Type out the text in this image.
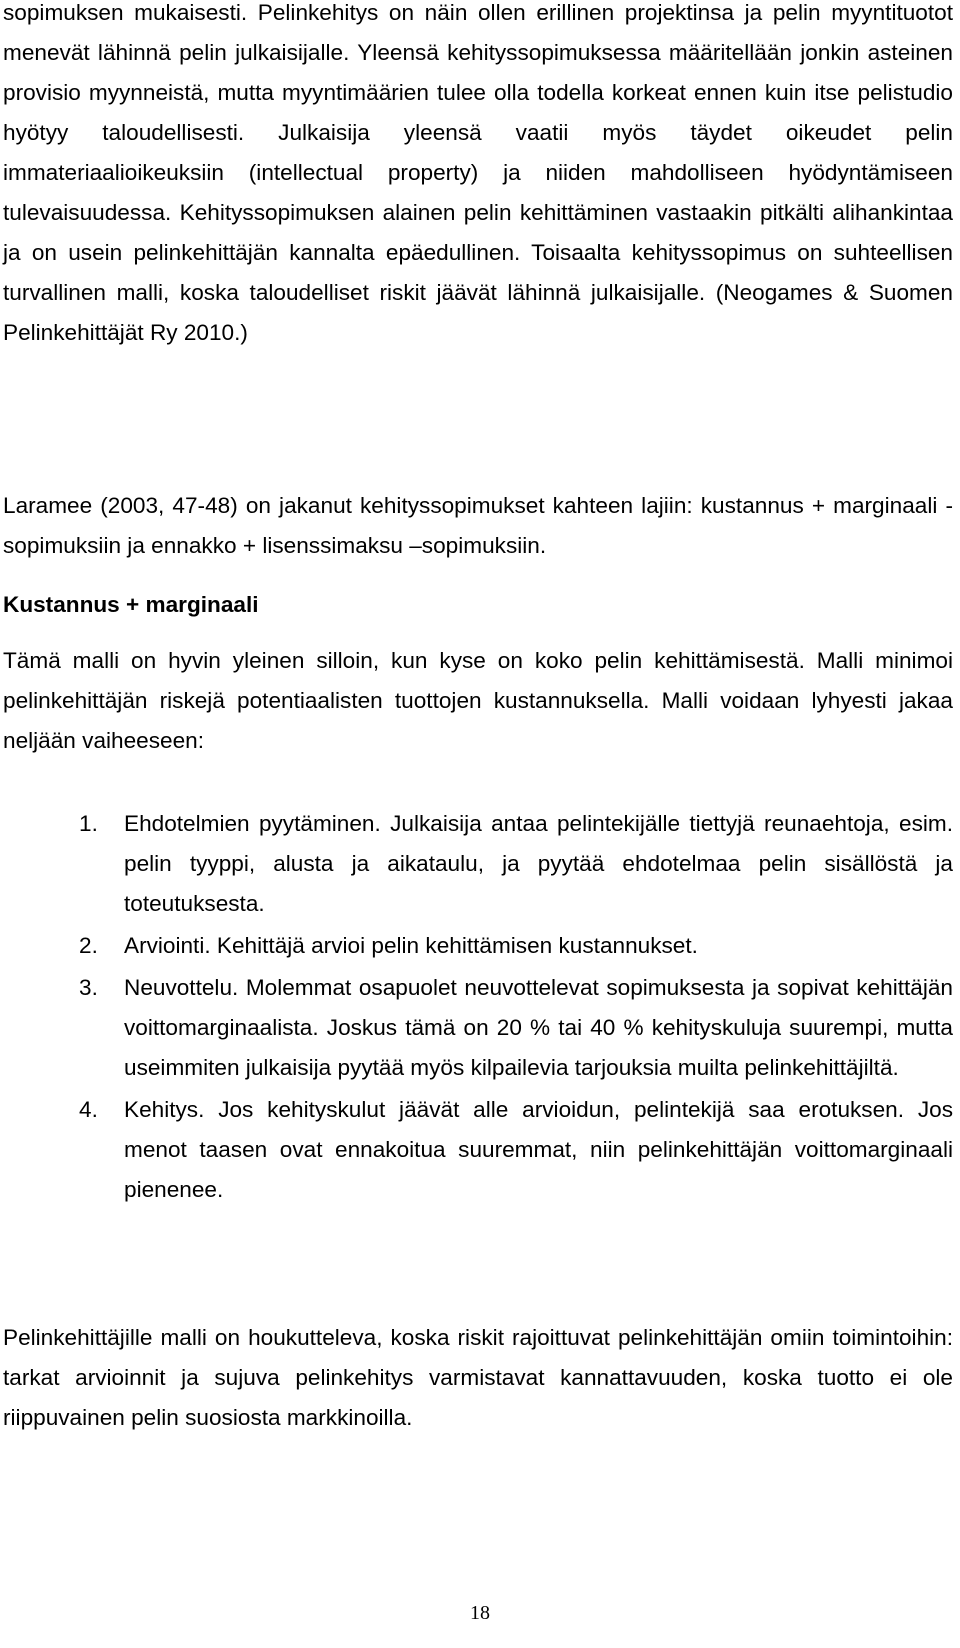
sopimuksen mukaisesti. Pelinkehitys on näin ollen erillinen projektinsa ja pelin myyntituotot menevät lähinnä pelin julkaisijalle. Yleensä kehityssopimuksessa määritellään jonkin asteinen provisio myynneistä, mutta myyntimäärien tulee olla todella korkeat ennen kuin itse pelistudio hyötyy taloudellisesti. Julkaisija yleensä vaatii myös täydet oikeudet pelin immateriaalioikeuksiin (intellectual property) ja niiden mahdolliseen hyödyntämiseen tulevaisuudessa. Kehityssopimuksen alainen pelin kehittäminen vastaakin pitkälti alihankintaa ja on usein pelinkehittäjän kannalta epäedullinen. Toisaalta kehityssopimus on suhteellisen turvallinen malli, koska taloudelliset riskit jäävät lähinnä julkaisijalle. (Neogames & Suomen Pelinkehittäjät Ry 2010.)

Laramee (2003, 47-48) on jakanut kehityssopimukset kahteen lajiin: kustannus + marginaali -sopimuksiin ja ennakko + lisenssimaksu –sopimuksiin.

Kustannus + marginaali

Tämä malli on hyvin yleinen silloin, kun kyse on koko pelin kehittämisestä. Malli minimoi pelinkehittäjän riskejä potentiaalisten tuottojen kustannuksella. Malli voidaan lyhyesti jakaa neljään vaiheeseen:

1. Ehdotelmien pyytäminen. Julkaisija antaa pelintekijälle tiettyjä reunaehtoja, esim. pelin tyyppi, alusta ja aikataulu, ja pyytää ehdotelmaa pelin sisällöstä ja toteutuksesta.
2. Arviointi. Kehittäjä arvioi pelin kehittämisen kustannukset.
3. Neuvottelu. Molemmat osapuolet neuvottelevat sopimuksesta ja sopivat kehittäjän voittomarginaalista. Joskus tämä on 20 % tai 40 % kehityskuluja suurempi, mutta useimmiten julkaisija pyytää myös kilpailevia tarjouksia muilta pelinkehittäjiltä.
4. Kehitys. Jos kehityskulut jäävät alle arvioidun, pelintekijä saa erotuksen. Jos menot taasen ovat ennakoitua suuremmat, niin pelinkehittäjän voittomarginaali pienenee.

Pelinkehittäjille malli on houkutteleva, koska riskit rajoittuvat pelinkehittäjän omiin toimintoihin: tarkat arvioinnit ja sujuva pelinkehitys varmistavat kannattavuuden, koska tuotto ei ole riippuvainen pelin suosiosta markkinoilla.

18
